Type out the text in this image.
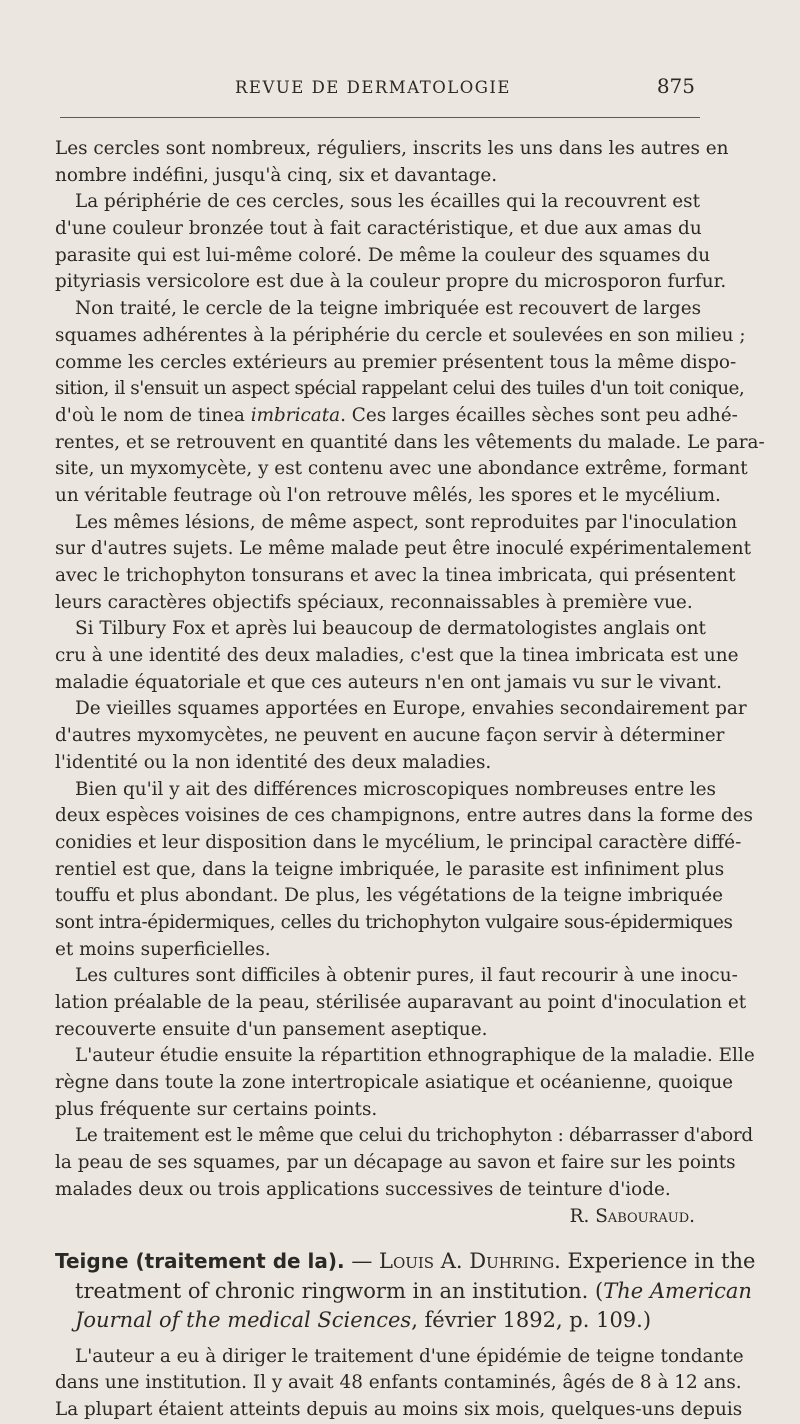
REVUE DE DERMATOLOGIE	875
Les cercles sont nombreux, réguliers, inscrits les uns dans les autres en
nombre indéfini, jusqu'à cinq, six et davantage.
La périphérie de ces cercles, sous les écailles qui la recouvrent est
d'une couleur bronzée tout à fait caractéristique, et due aux amas du
parasite qui est lui-même coloré. De même la couleur des squames du
pityriasis versicolore est due à la couleur propre du microsporon furfur.
Non traité, le cercle de la teigne imbriquée est recouvert de larges
squames adhérentes à la périphérie du cercle et soulevées en son milieu ;
comme les cercles extérieurs au premier présentent tous la même dispo-
sition, il s'ensuit un aspect spécial rappelant celui des tuiles d'un toit conique,
d'où le nom de tinea imbricata. Ces larges écailles sèches sont peu adhé-
rentes, et se retrouvent en quantité dans les vêtements du malade. Le para-
site, un myxomycète, y est contenu avec une abondance extrême, formant
un véritable feutrage où l'on retrouve mêlés, les spores et le mycélium.
Les mêmes lésions, de même aspect, sont reproduites par l'inoculation
sur d'autres sujets. Le même malade peut être inoculé expérimentalement
avec le trichophyton tonsurans et avec la tinea imbricata, qui présentent
leurs caractères objectifs spéciaux, reconnaissables à première vue.
Si Tilbury Fox et après lui beaucoup de dermatologistes anglais ont
cru à une identité des deux maladies, c'est que la tinea imbricata est une
maladie équatoriale et que ces auteurs n'en ont jamais vu sur le vivant.
De vieilles squames apportées en Europe, envahies secondairement par
d'autres myxomycètes, ne peuvent en aucune façon servir à déterminer
l'identité ou la non identité des deux maladies.
Bien qu'il y ait des différences microscopiques nombreuses entre les
deux espèces voisines de ces champignons, entre autres dans la forme des
conidies et leur disposition dans le mycélium, le principal caractère diffé-
rentiel est que, dans la teigne imbriquée, le parasite est infiniment plus
touffu et plus abondant. De plus, les végétations de la teigne imbriquée
sont intra-épidermiques, celles du trichophyton vulgaire sous-épidermiques
et moins superficielles.
Les cultures sont difficiles à obtenir pures, il faut recourir à une inocu-
lation préalable de la peau, stérilisée auparavant au point d'inoculation et
recouverte ensuite d'un pansement aseptique.
L'auteur étudie ensuite la répartition ethnographique de la maladie. Elle
règne dans toute la zone intertropicale asiatique et océanienne, quoique
plus fréquente sur certains points.
Le traitement est le même que celui du trichophyton : débarrasser d'abord
la peau de ses squames, par un décapage au savon et faire sur les points
malades deux ou trois applications successives de teinture d'iode.
R. Sabouraud.
Teigne (traitement de la). — Louis A. Duhring. Experience in the
treatment of chronic ringworm in an institution. (The American
Journal of the medical Sciences, février 1892, p. 109.)
L'auteur a eu à diriger le traitement d'une épidémie de teigne tondante
dans une institution. Il y avait 48 enfants contaminés, âgés de 8 à 12 ans.
La plupart étaient atteints depuis au moins six mois, quelques-uns depuis
